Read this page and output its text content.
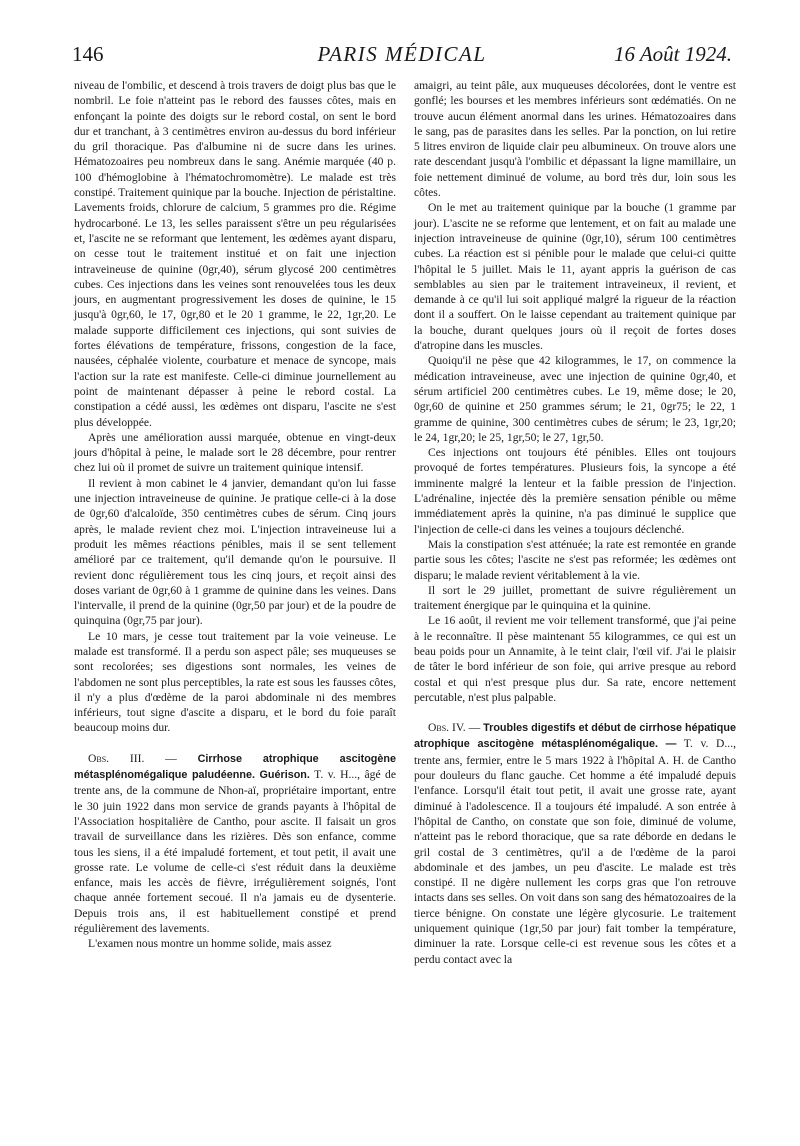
146	PARIS MÉDICAL	16 Août 1924.

niveau de l'ombilic, et descend à trois travers de doigt plus bas que le nombril. Le foie n'atteint pas le rebord des fausses côtes, mais en enfonçant la pointe des doigts sur le rebord costal, on sent le bord dur et tranchant, à 3 centimètres environ au-dessus du bord inférieur du gril thoracique. Pas d'albumine ni de sucre dans les urines. Hématozoaires peu nombreux dans le sang. Anémie marquée (40 p. 100 d'hémoglobine à l'hématochromomètre). Le malade est très constipé. Traitement quinique par la bouche. Injection de péristaltine. Lavements froids, chlorure de calcium, 5 grammes pro die. Régime hydrocarboné. Le 13, les selles paraissent s'être un peu régularisées et, l'ascite ne se reformant que lentement, les œdèmes ayant disparu, on cesse tout le traitement institué et on fait une injection intraveineuse de quinine (0gr,40), sérum glycosé 200 centimètres cubes. Ces injections dans les veines sont renouvelées tous les deux jours, en augmentant progressivement les doses de quinine, le 15 jusqu'à 0gr,60, le 17, 0gr,80 et le 20 1 gramme, le 22, 1gr,20. Le malade supporte difficilement ces injections, qui sont suivies de fortes élévations de température, frissons, congestion de la face, nausées, céphalée violente, courbature et menace de syncope, mais l'action sur la rate est manifeste. Celle-ci diminue journellement au point de maintenant dépasser à peine le rebord costal. La constipation a cédé aussi, les œdèmes ont disparu, l'ascite ne s'est plus développée.

Après une amélioration aussi marquée, obtenue en vingt-deux jours d'hôpital à peine, le malade sort le 28 décembre, pour rentrer chez lui où il promet de suivre un traitement quinique intensif.

Il revient à mon cabinet le 4 janvier, demandant qu'on lui fasse une injection intraveineuse de quinine. Je pratique celle-ci à la dose de 0gr,60 d'alcaloïde, 350 centimètres cubes de sérum. Cinq jours après, le malade revient chez moi. L'injection intraveineuse lui a produit les mêmes réactions pénibles, mais il se sent tellement amélioré par ce traitement, qu'il demande qu'on le poursuive. Il revient donc régulièrement tous les cinq jours, et reçoit ainsi des doses variant de 0gr,60 à 1 gramme de quinine dans les veines. Dans l'intervalle, il prend de la quinine (0gr,50 par jour) et de la poudre de quinquina (0gr,75 par jour).

Le 10 mars, je cesse tout traitement par la voie veineuse. Le malade est transformé. Il a perdu son aspect pâle; ses muqueuses se sont recolorées; ses digestions sont normales, les veines de l'abdomen ne sont plus perceptibles, la rate est sous les fausses côtes, il n'y a plus d'œdème de la paroi abdominale ni des membres inférieurs, tout signe d'ascite a disparu, et le bord du foie paraît beaucoup moins dur.

Obs. III. — Cirrhose atrophique ascitogène métasplénomégalique paludéenne. Guérison. T. v. H..., âgé de trente ans, de la commune de Nhon-aï, propriétaire important, entre le 30 juin 1922 dans mon service de grands payants à l'hôpital de l'Association hospitalière de Cantho, pour ascite. Il faisait un gros travail de surveillance dans les rizières. Dès son enfance, comme tous les siens, il a été impaludé fortement, et tout petit, il avait une grosse rate. Le volume de celle-ci s'est réduit dans la deuxième enfance, mais les accès de fièvre, irrégulièrement soignés, l'ont chaque année fortement secoué. Il n'a jamais eu de dysenterie. Depuis trois ans, il est habituellement constipé et prend régulièrement des lavements.

L'examen nous montre un homme solide, mais assez

amaigri, au teint pâle, aux muqueuses décolorées, dont le ventre est gonflé; les bourses et les membres inférieurs sont œdématiés. On ne trouve aucun élément anormal dans les urines. Hématozoaires dans le sang, pas de parasites dans les selles. Par la ponction, on lui retire 5 litres environ de liquide clair peu albumineux. On trouve alors une rate descendant jusqu'à l'ombilic et dépassant la ligne mamillaire, un foie nettement diminué de volume, au bord très dur, loin sous les côtes.

On le met au traitement quinique par la bouche (1 gramme par jour). L'ascite ne se reforme que lentement, et on fait au malade une injection intraveineuse de quinine (0gr,10), sérum 100 centimètres cubes. La réaction est si pénible pour le malade que celui-ci quitte l'hôpital le 5 juillet. Mais le 11, ayant appris la guérison de cas semblables au sien par le traitement intraveineux, il revient, et demande à ce qu'il lui soit appliqué malgré la rigueur de la réaction dont il a souffert. On le laisse cependant au traitement quinique par la bouche, durant quelques jours où il reçoit de fortes doses d'atropine dans les muscles.

Quoiqu'il ne pèse que 42 kilogrammes, le 17, on commence la médication intraveineuse, avec une injection de quinine 0gr,40, et sérum artificiel 200 centimètres cubes. Le 19, même dose; le 20, 0gr,60 de quinine et 250 grammes sérum; le 21, 0gr75; le 22, 1 gramme de quinine, 300 centimètres cubes de sérum; le 23, 1gr,20; le 24, 1gr,20; le 25, 1gr,50; le 27, 1gr,50.

Ces injections ont toujours été pénibles. Elles ont toujours provoqué de fortes températures. Plusieurs fois, la syncope a été imminente malgré la lenteur et la faible pression de l'injection. L'adrénaline, injectée dès la première sensation pénible ou même immédiatement après la quinine, n'a pas diminué le supplice que l'injection de celle-ci dans les veines a toujours déclenché.

Mais la constipation s'est atténuée; la rate est remontée en grande partie sous les côtes; l'ascite ne s'est pas reformée; les œdèmes ont disparu; le malade revient véritablement à la vie.

Il sort le 29 juillet, promettant de suivre régulièrement un traitement énergique par le quinquina et la quinine.

Le 16 août, il revient me voir tellement transformé, que j'ai peine à le reconnaître. Il pèse maintenant 55 kilogrammes, ce qui est un beau poids pour un Annamite, à le teint clair, l'œil vif. J'ai le plaisir de tâter le bord inférieur de son foie, qui arrive presque au rebord costal et qui n'est presque plus dur. Sa rate, encore nettement percutable, n'est plus palpable.

Obs. IV. — Troubles digestifs et début de cirrhose hépatique atrophique ascitogène métasplénomégalique. — T. v. D..., trente ans, fermier, entre le 5 mars 1922 à l'hôpital A. H. de Cantho pour douleurs du flanc gauche. Cet homme a été impaludé depuis l'enfance. Lorsqu'il était tout petit, il avait une grosse rate, ayant diminué à l'adolescence. Il a toujours été impaludé. A son entrée à l'hôpital de Cantho, on constate que son foie, diminué de volume, n'atteint pas le rebord thoracique, que sa rate déborde en dedans le gril costal de 3 centimètres, qu'il a de l'œdème de la paroi abdominale et des jambes, un peu d'ascite. Le malade est très constipé. Il ne digère nullement les corps gras que l'on retrouve intacts dans ses selles. On voit dans son sang des hématozoaires de la tierce bénigne. On constate une légère glycosurie. Le traitement uniquement quinique (1gr,50 par jour) fait tomber la température, diminuer la rate. Lorsque celle-ci est revenue sous les côtes et a perdu contact avec la
